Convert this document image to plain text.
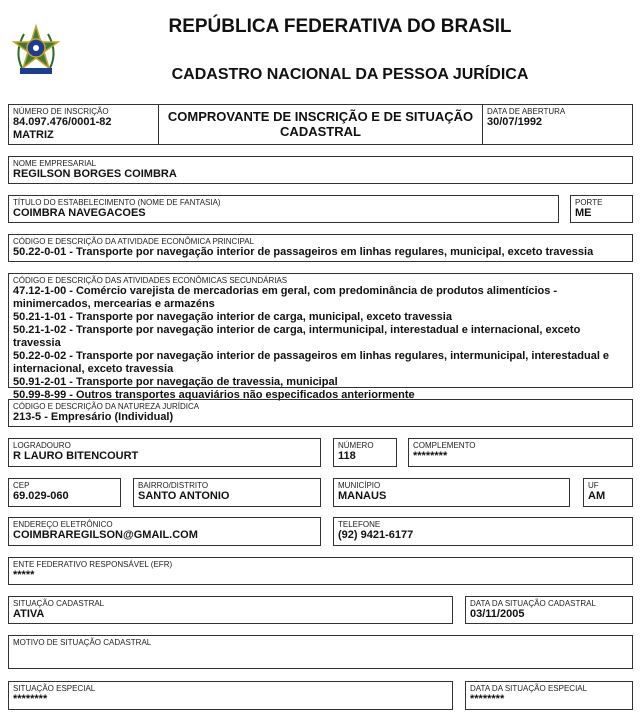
REPÚBLICA FEDERATIVA DO BRASIL
CADASTRO NACIONAL DA PESSOA JURÍDICA
NÚMERO DE INSCRIÇÃO
84.097.476/0001-82
MATRIZ
COMPROVANTE DE INSCRIÇÃO E DE SITUAÇÃO
CADASTRAL
DATA DE ABERTURA
30/07/1992
NOME EMPRESARIAL
REGILSON BORGES COIMBRA
TÍTULO DO ESTABELECIMENTO (NOME DE FANTASIA)
COIMBRA NAVEGACOES
PORTE
ME
CÓDIGO E DESCRIÇÃO DA ATIVIDADE ECONÔMICA PRINCIPAL
50.22-0-01 - Transporte por navegação interior de passageiros em linhas regulares, municipal, exceto travessia
CÓDIGO E DESCRIÇÃO DAS ATIVIDADES ECONÔMICAS SECUNDÁRIAS
47.12-1-00 - Comércio varejista de mercadorias em geral, com predominância de produtos alimentícios - minimercados, mercearias e armazéns
50.21-1-01 - Transporte por navegação interior de carga, municipal, exceto travessia
50.21-1-02 - Transporte por navegação interior de carga, intermunicipal, interestadual e internacional, exceto travessia
50.22-0-02 - Transporte por navegação interior de passageiros em linhas regulares, intermunicipal, interestadual e internacional, exceto travessia
50.91-2-01 - Transporte por navegação de travessia, municipal
50.99-8-99 - Outros transportes aquaviários não especificados anteriormente
CÓDIGO E DESCRIÇÃO DA NATUREZA JURÍDICA
213-5 - Empresário (Individual)
LOGRADOURO
R LAURO BITENCOURT
NÚMERO
118
COMPLEMENTO
********
CEP
69.029-060
BAIRRO/DISTRITO
SANTO ANTONIO
MUNICÍPIO
MANAUS
UF
AM
ENDEREÇO ELETRÔNICO
COIMBRAREGILSON@GMAIL.COM
TELEFONE
(92) 9421-6177
ENTE FEDERATIVO RESPONSÁVEL (EFR)
*****
SITUAÇÃO CADASTRAL
ATIVA
DATA DA SITUAÇÃO CADASTRAL
03/11/2005
MOTIVO DE SITUAÇÃO CADASTRAL
SITUAÇÃO ESPECIAL
********
DATA DA SITUAÇÃO ESPECIAL
********
